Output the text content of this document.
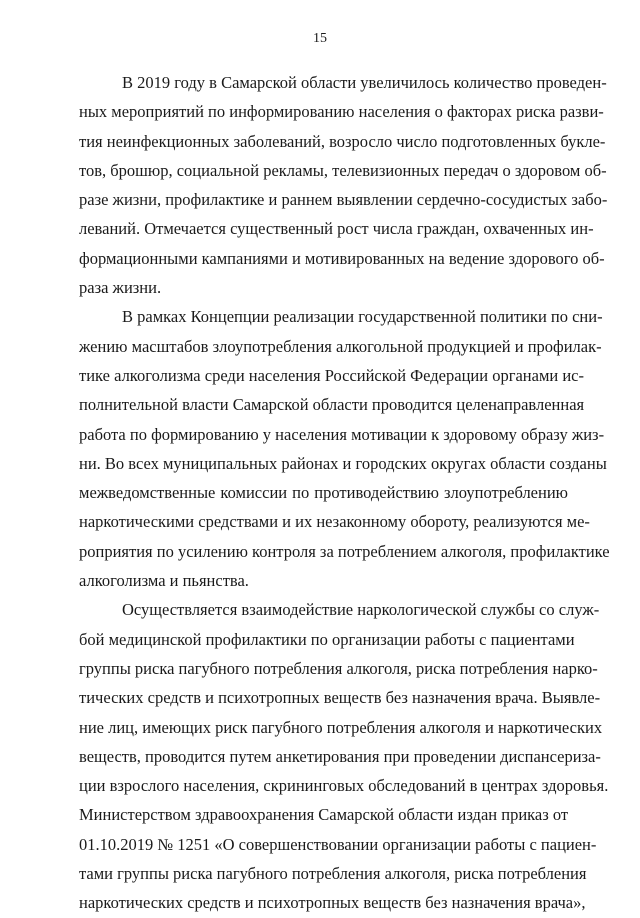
15
В 2019 году в Самарской области увеличилось количество проведен-
ных мероприятий по информированию населения о факторах риска разви-
тия неинфекционных заболеваний, возросло число подготовленных букле-
тов, брошюр, социальной рекламы, телевизионных передач о здоровом об-
разе жизни, профилактике и раннем выявлении сердечно-сосудистых забо-
леваний. Отмечается существенный рост числа граждан, охваченных ин-
формационными кампаниями и мотивированных на ведение здорового об-
раза жизни.
В рамках Концепции реализации государственной политики по сни-
жению масштабов злоупотребления алкогольной продукцией и профилак-
тике алкоголизма среди населения Российской Федерации органами ис-
полнительной власти Самарской области проводится целенаправленная
работа по формированию у населения мотивации к здоровому образу жиз-
ни. Во всех муниципальных районах и городских округах области созданы
межведомственные комиссии по противодействию злоупотреблению
наркотическими средствами и их незаконному обороту, реализуются ме-
роприятия по усилению контроля за потреблением алкоголя, профилактике
алкоголизма и пьянства.
Осуществляется взаимодействие наркологической службы со служ-
бой медицинской профилактики по организации работы с пациентами
группы риска пагубного потребления алкоголя, риска потребления нарко-
тических средств и психотропных веществ без назначения врача. Выявле-
ние лиц, имеющих риск пагубного потребления алкоголя и наркотических
веществ, проводится путем анкетирования при проведении диспансериза-
ции взрослого населения, скрининговых обследований в центрах здоровья.
Министерством здравоохранения Самарской области издан приказ от
01.10.2019 № 1251 «О совершенствовании организации работы с пациен-
тами группы риска пагубного потребления алкоголя, риска потребления
наркотических средств и психотропных веществ без назначения врача»,
